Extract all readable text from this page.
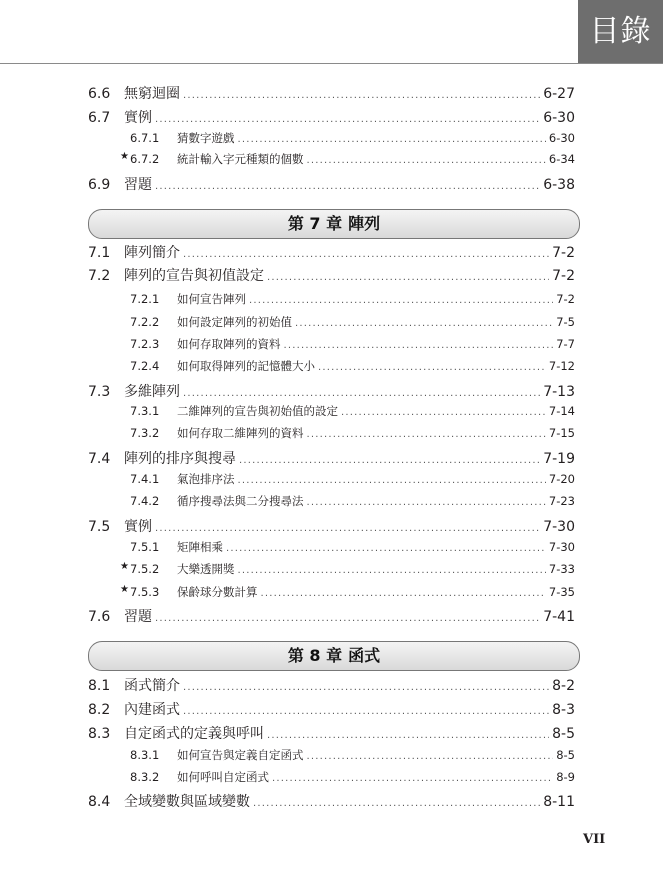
目錄
6.6 無窮迴圈 .....	6-27
6.7 實例 .....	6-30
6.7.1	猜數字遊戲 .....	6-30
★ 6.7.2	統計輸入字元種類的個數 .....	6-34
6.9 習題 .....	6-38
第 7 章 陣列
7.1 陣列簡介 .....	7-2
7.2 陣列的宣告與初值設定 .....	7-2
7.2.1	如何宣告陣列 .....	7-2
7.2.2	如何設定陣列的初始值 .....	7-5
7.2.3	如何存取陣列的資料 .....	7-7
7.2.4	如何取得陣列的記憶體大小 .....	7-12
7.3 多維陣列 .....	7-13
7.3.1	二維陣列的宣告與初始值的設定 .....	7-14
7.3.2	如何存取二維陣列的資料 .....	7-15
7.4 陣列的排序與搜尋 .....	7-19
7.4.1	氣泡排序法 .....	7-20
7.4.2	循序搜尋法與二分搜尋法 .....	7-23
7.5 實例 .....	7-30
7.5.1	矩陣相乘 .....	7-30
★ 7.5.2	大樂透開獎 .....	7-33
★ 7.5.3	保齡球分數計算 .....	7-35
7.6 習題 .....	7-41
第 8 章 函式
8.1 函式簡介 .....	8-2
8.2 內建函式 .....	8-3
8.3 自定函式的定義與呼叫 .....	8-5
8.3.1	如何宣告與定義自定函式 .....	8-5
8.3.2	如何呼叫自定函式 .....	8-9
8.4 全域變數與區域變數 .....	8-11
VII
